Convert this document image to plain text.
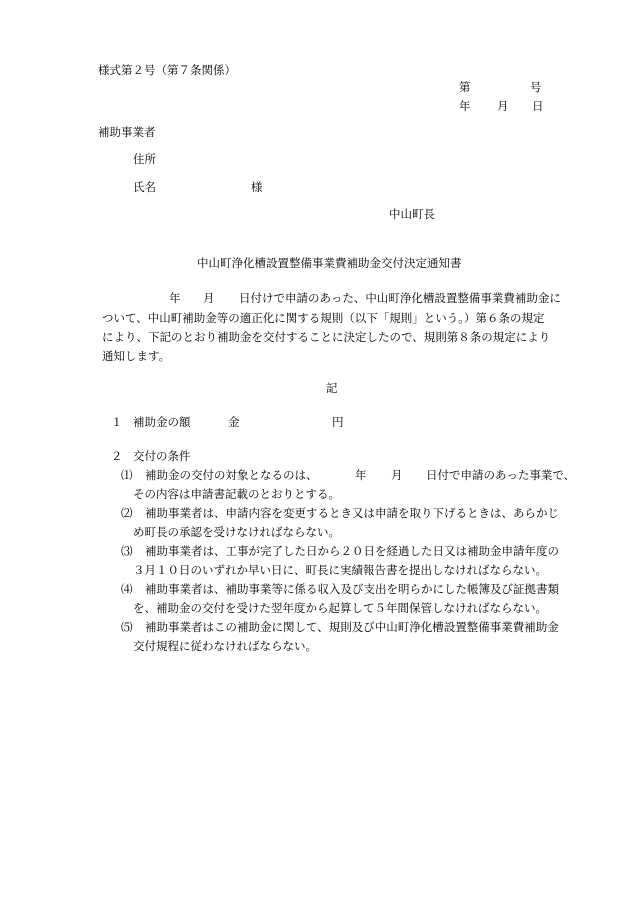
様式第２号（第７条関係）
第	号
年 月 日
補助事業者
住所
氏名	様
中山町長
中山町浄化槽設置整備事業費補助金交付決定通知書
年 月 日付けで申請のあった、中山町浄化槽設置整備事業費補助金に
ついて、中山町補助金等の適正化に関する規則（以下「規則」という。）第６条の規定
により、下記のとおり補助金を交付することに決定したので、規則第８条の規定により
通知します。
記
１ 補助金の額	金	円
２ 交付の条件
⑴ 補助金の交付の対象となるのは、	年 月 日付で申請のあった事業で、
その内容は申請書記載のとおりとする。
⑵ 補助事業者は、申請内容を変更するとき又は申請を取り下げるときは、あらかじ
め町長の承認を受けなければならない。
⑶ 補助事業者は、工事が完了した日から２０日を経過した日又は補助金申請年度の
３月１０日のいずれか早い日に、町長に実績報告書を提出しなければならない。
⑷ 補助事業者は、補助事業等に係る収入及び支出を明らかにした帳簿及び証拠書類
を、補助金の交付を受けた翌年度から起算して５年間保管しなければならない。
⑸ 補助事業者はこの補助金に関して、規則及び中山町浄化槽設置整備事業費補助金
交付規程に従わなければならない。
